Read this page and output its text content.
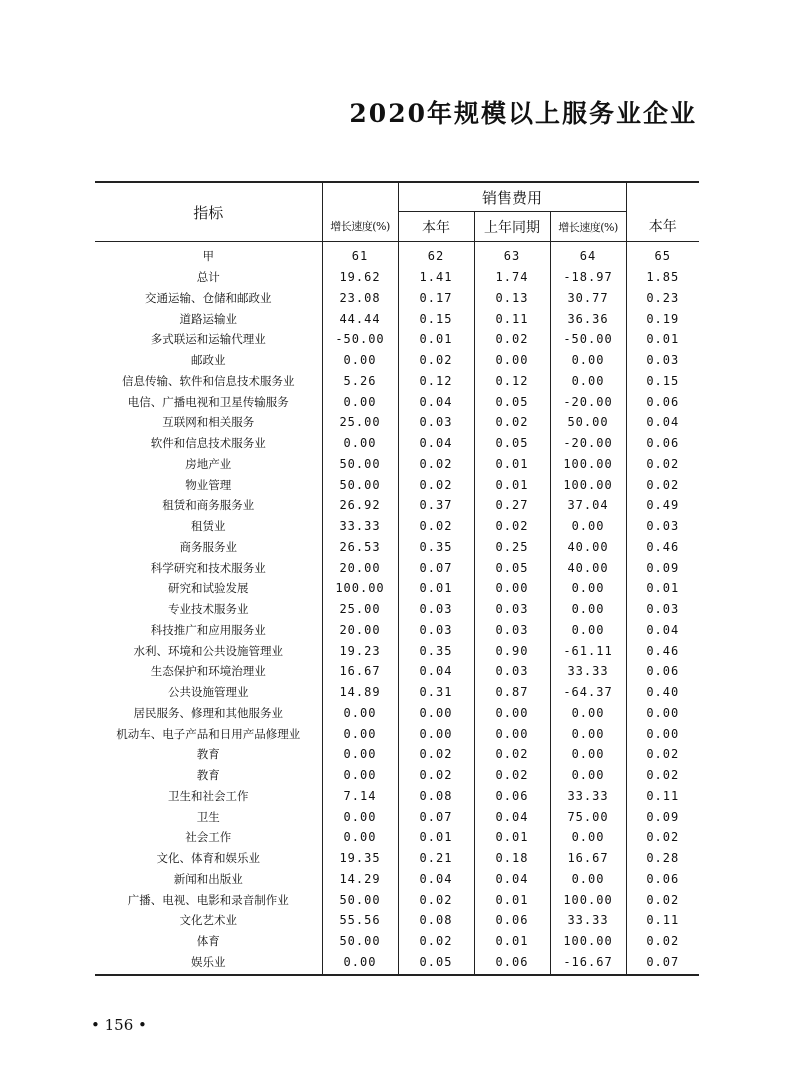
2020年规模以上服务业企业
指标		销售费用			
	增长速度(%)	本年	上年同期	增长速度(%)	本年
甲	61	62	63	64	65
总计	19.62	1.41	1.74	-18.97	1.85
交通运输、仓储和邮政业	23.08	0.17	0.13	30.77	0.23
道路运输业	44.44	0.15	0.11	36.36	0.19
多式联运和运输代理业	-50.00	0.01	0.02	-50.00	0.01
邮政业	0.00	0.02	0.00	0.00	0.03
信息传输、软件和信息技术服务业	5.26	0.12	0.12	0.00	0.15
电信、广播电视和卫星传输服务	0.00	0.04	0.05	-20.00	0.06
互联网和相关服务	25.00	0.03	0.02	50.00	0.04
软件和信息技术服务业	0.00	0.04	0.05	-20.00	0.06
房地产业	50.00	0.02	0.01	100.00	0.02
物业管理	50.00	0.02	0.01	100.00	0.02
租赁和商务服务业	26.92	0.37	0.27	37.04	0.49
租赁业	33.33	0.02	0.02	0.00	0.03
商务服务业	26.53	0.35	0.25	40.00	0.46
科学研究和技术服务业	20.00	0.07	0.05	40.00	0.09
研究和试验发展	100.00	0.01	0.00	0.00	0.01
专业技术服务业	25.00	0.03	0.03	0.00	0.03
科技推广和应用服务业	20.00	0.03	0.03	0.00	0.04
水利、环境和公共设施管理业	19.23	0.35	0.90	-61.11	0.46
生态保护和环境治理业	16.67	0.04	0.03	33.33	0.06
公共设施管理业	14.89	0.31	0.87	-64.37	0.40
居民服务、修理和其他服务业	0.00	0.00	0.00	0.00	0.00
机动车、电子产品和日用产品修理业	0.00	0.00	0.00	0.00	0.00
教育	0.00	0.02	0.02	0.00	0.02
教育	0.00	0.02	0.02	0.00	0.02
卫生和社会工作	7.14	0.08	0.06	33.33	0.11
卫生	0.00	0.07	0.04	75.00	0.09
社会工作	0.00	0.01	0.01	0.00	0.02
文化、体育和娱乐业	19.35	0.21	0.18	16.67	0.28
新闻和出版业	14.29	0.04	0.04	0.00	0.06
广播、电视、电影和录音制作业	50.00	0.02	0.01	100.00	0.02
文化艺术业	55.56	0.08	0.06	33.33	0.11
体育	50.00	0.02	0.01	100.00	0.02
娱乐业	0.00	0.05	0.06	-16.67	0.07
• 156 •
